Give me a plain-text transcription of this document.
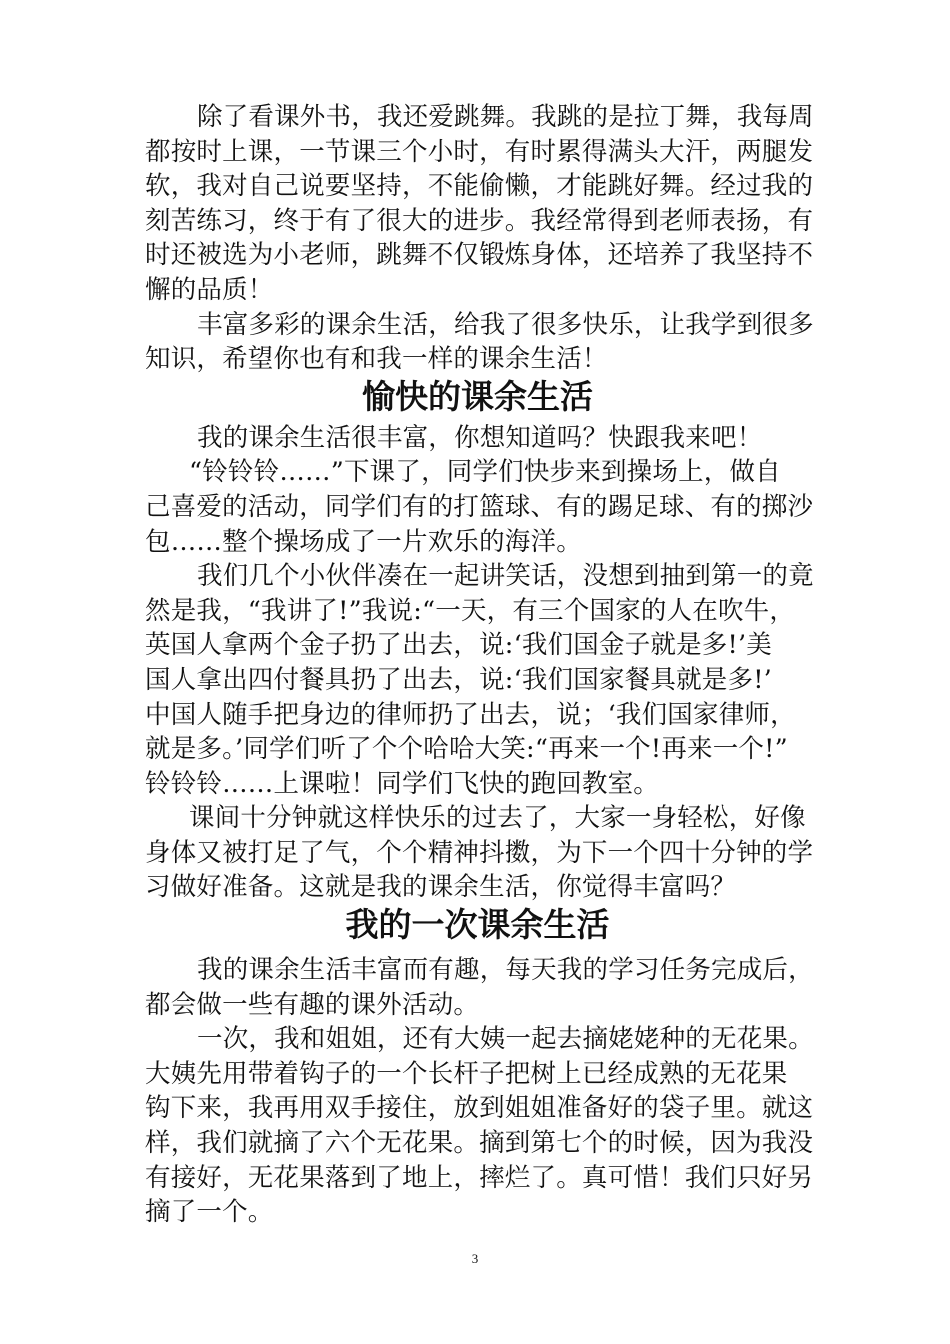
除了看课外书，我还爱跳舞。我跳的是拉丁舞，我每周
都按时上课，一节课三个小时，有时累得满头大汗，两腿发
软，我对自己说要坚持，不能偷懒，才能跳好舞。经过我的
刻苦练习，终于有了很大的进步。我经常得到老师表扬，有
时还被选为小老师，跳舞不仅锻炼身体，还培养了我坚持不
懈的品质！
丰富多彩的课余生活，给我了很多快乐，让我学到很多
知识，希望你也有和我一样的课余生活！
愉快的课余生活
我的课余生活很丰富，你想知道吗？快跟我来吧！
“铃铃铃……”下课了，同学们快步来到操场上，做自
己喜爱的活动，同学们有的打篮球、有的踢足球、有的掷沙
包……整个操场成了一片欢乐的海洋。
我们几个小伙伴凑在一起讲笑话，没想到抽到第一的竟
然是我，“我讲了!”我说:“一天，有三个国家的人在吹牛，
英国人拿两个金子扔了出去，说:‘我们国金子就是多!’美
国人拿出四付餐具扔了出去，说:‘我们国家餐具就是多!’
中国人随手把身边的律师扔了出去，说；‘我们国家律师，
就是多。’同学们听了个个哈哈大笑:“再来一个!再来一个!”
铃铃铃……上课啦！同学们飞快的跑回教室。
课间十分钟就这样快乐的过去了，大家一身轻松，好像
身体又被打足了气，个个精神抖擞，为下一个四十分钟的学
习做好准备。这就是我的课余生活，你觉得丰富吗？
我的一次课余生活
我的课余生活丰富而有趣，每天我的学习任务完成后，
都会做一些有趣的课外活动。
一次，我和姐姐，还有大姨一起去摘姥姥种的无花果。
大姨先用带着钩子的一个长杆子把树上已经成熟的无花果
钩下来，我再用双手接住，放到姐姐准备好的袋子里。就这
样，我们就摘了六个无花果。摘到第七个的时候，因为我没
有接好，无花果落到了地上，摔烂了。真可惜！我们只好另
摘了一个。
3
